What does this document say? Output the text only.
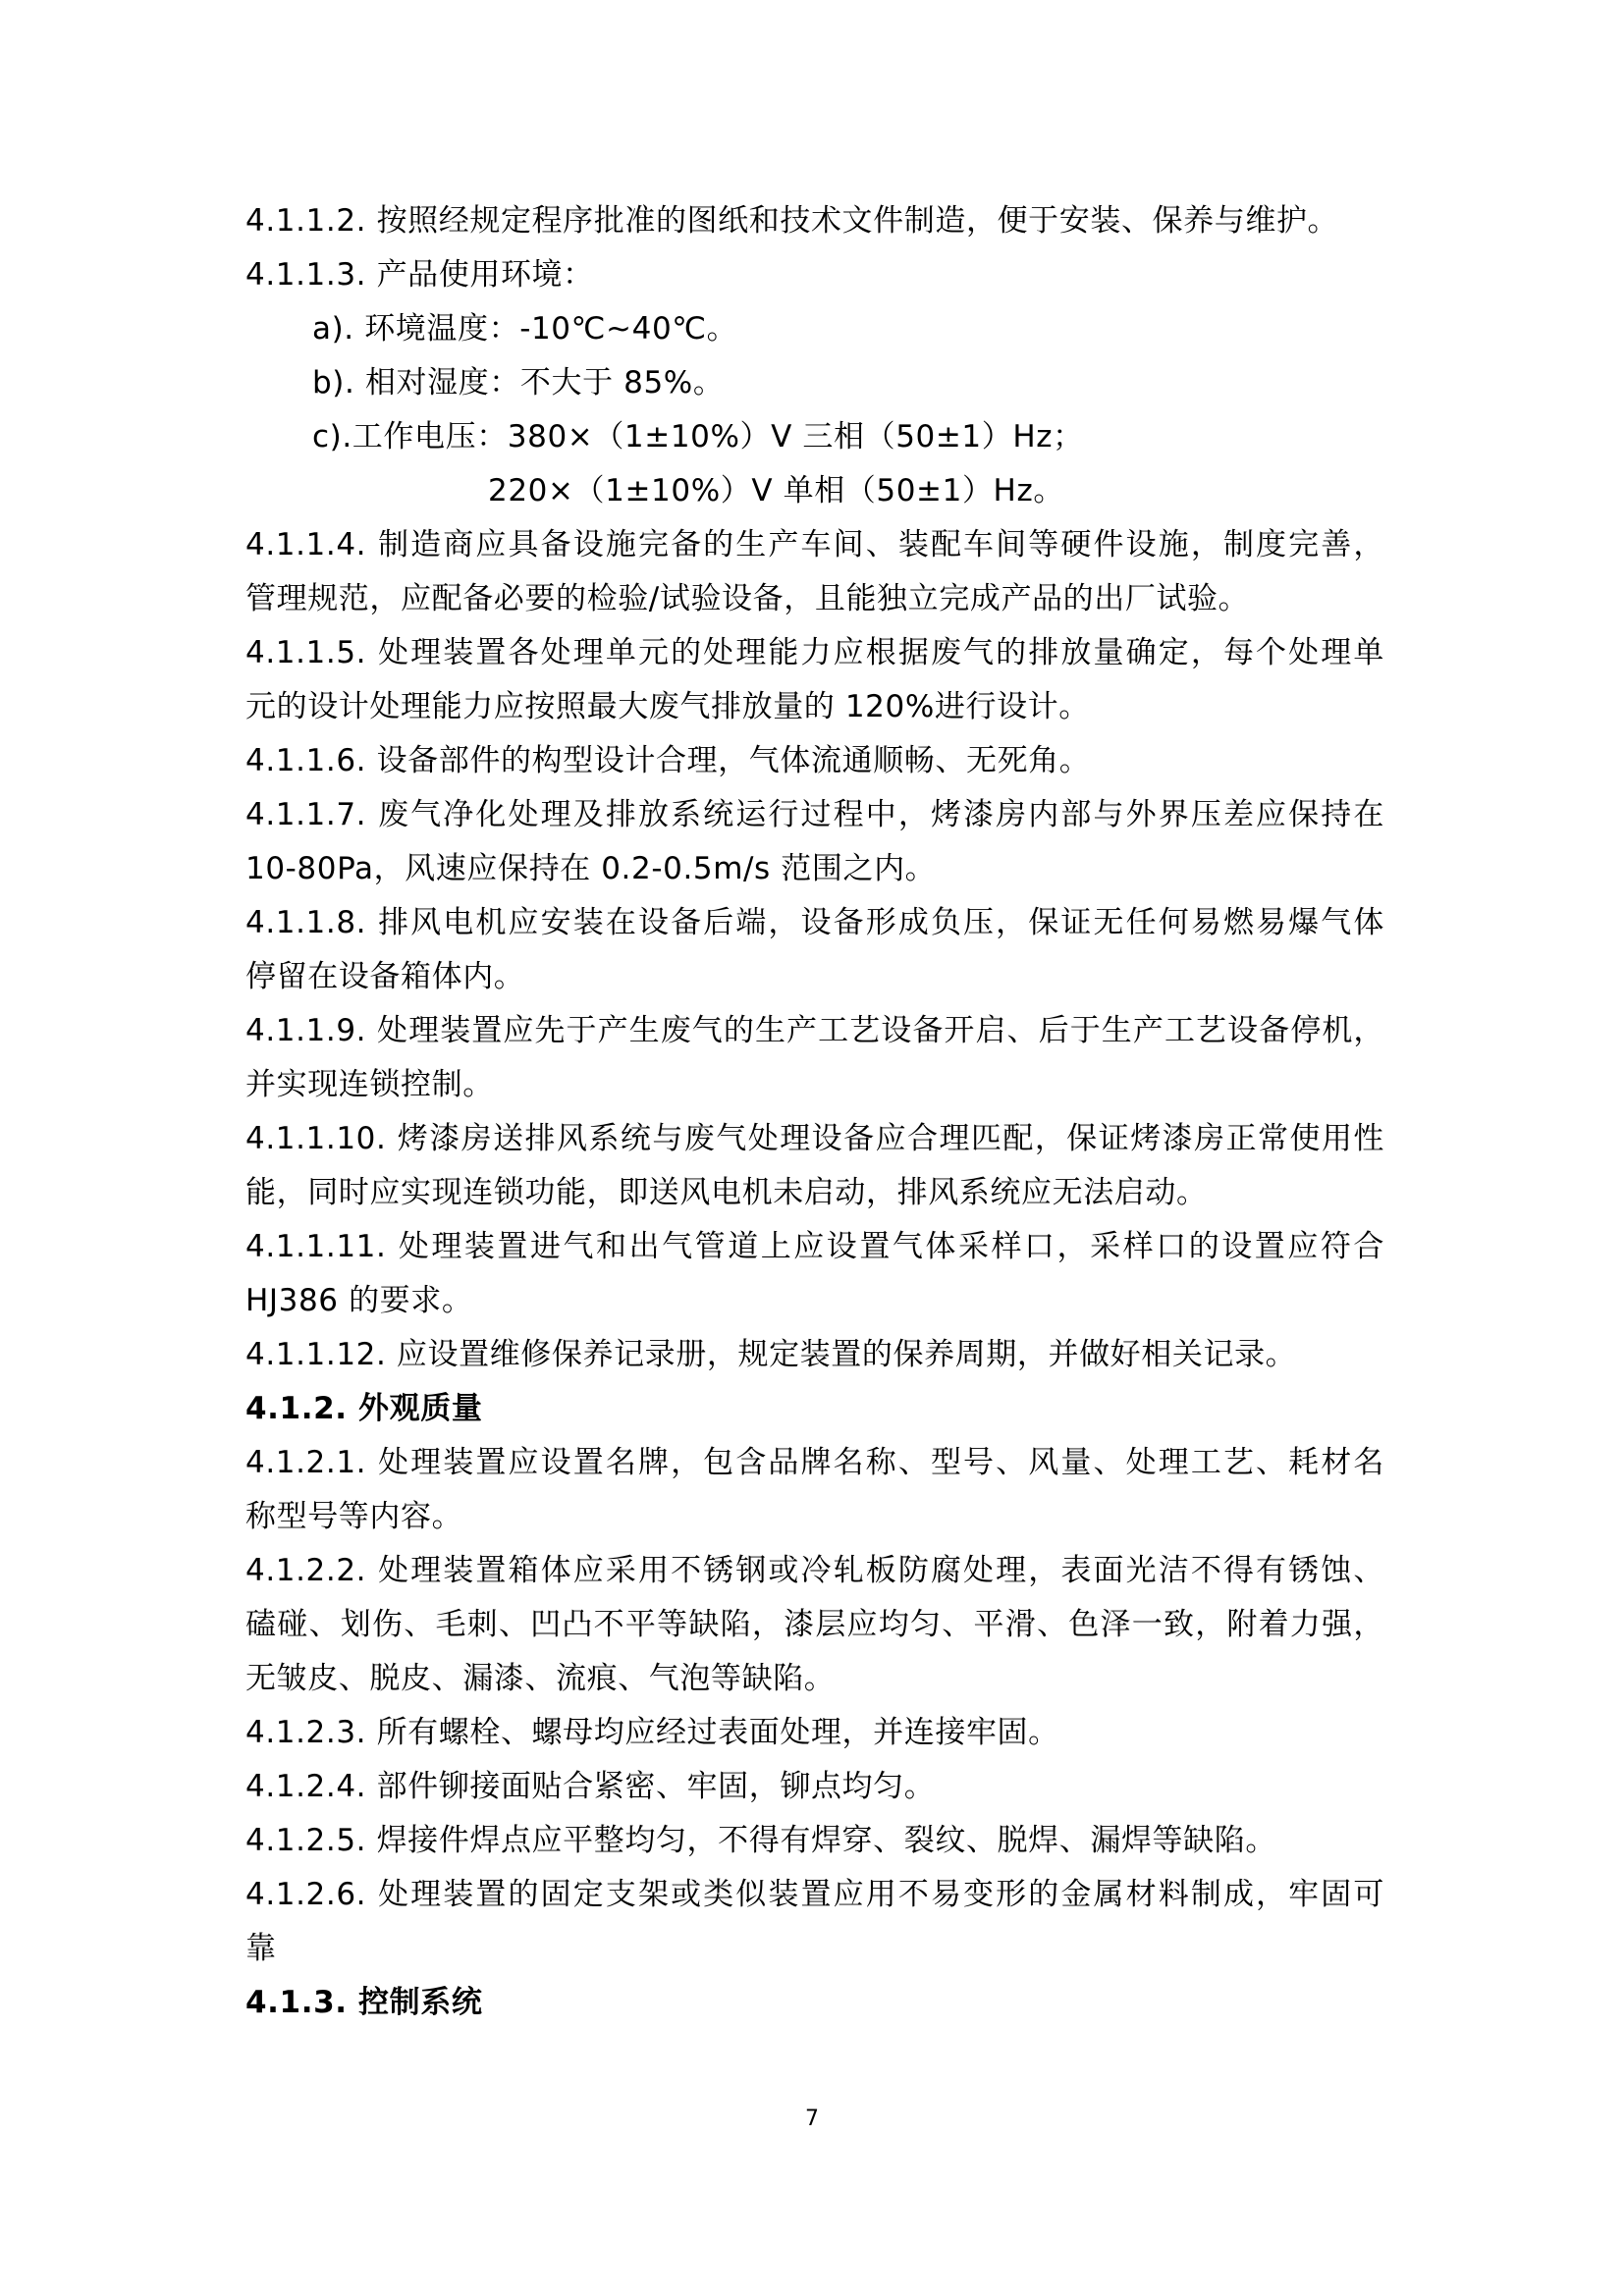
4.1.1.2. 按照经规定程序批准的图纸和技术文件制造，便于安装、保养与维护。
4.1.1.3. 产品使用环境：
a). 环境温度：-10℃~40℃。
b). 相对湿度：不大于 85%。
c).工作电压：380×（1±10%）V 三相（50±1）Hz；
220×（1±10%）V 单相（50±1）Hz。
4.1.1.4. 制造商应具备设施完备的生产车间、装配车间等硬件设施，制度完善，
管理规范，应配备必要的检验/试验设备，且能独立完成产品的出厂试验。
4.1.1.5. 处理装置各处理单元的处理能力应根据废气的排放量确定，每个处理单
元的设计处理能力应按照最大废气排放量的 120%进行设计。
4.1.1.6. 设备部件的构型设计合理，气体流通顺畅、无死角。
4.1.1.7. 废气净化处理及排放系统运行过程中，烤漆房内部与外界压差应保持在
10-80Pa，风速应保持在 0.2-0.5m/s 范围之内。
4.1.1.8. 排风电机应安装在设备后端，设备形成负压，保证无任何易燃易爆气体
停留在设备箱体内。
4.1.1.9. 处理装置应先于产生废气的生产工艺设备开启、后于生产工艺设备停机，
并实现连锁控制。
4.1.1.10. 烤漆房送排风系统与废气处理设备应合理匹配，保证烤漆房正常使用性
能，同时应实现连锁功能，即送风电机未启动，排风系统应无法启动。
4.1.1.11. 处理装置进气和出气管道上应设置气体采样口，采样口的设置应符合
HJ386 的要求。
4.1.1.12. 应设置维修保养记录册，规定装置的保养周期，并做好相关记录。
4.1.2. 外观质量
4.1.2.1. 处理装置应设置名牌，包含品牌名称、型号、风量、处理工艺、耗材名
称型号等内容。
4.1.2.2. 处理装置箱体应采用不锈钢或冷轧板防腐处理，表面光洁不得有锈蚀、
磕碰、划伤、毛刺、凹凸不平等缺陷，漆层应均匀、平滑、色泽一致，附着力强，
无皱皮、脱皮、漏漆、流痕、气泡等缺陷。
4.1.2.3. 所有螺栓、螺母均应经过表面处理，并连接牢固。
4.1.2.4. 部件铆接面贴合紧密、牢固，铆点均匀。
4.1.2.5. 焊接件焊点应平整均匀，不得有焊穿、裂纹、脱焊、漏焊等缺陷。
4.1.2.6. 处理装置的固定支架或类似装置应用不易变形的金属材料制成，牢固可
靠
4.1.3. 控制系统
7
